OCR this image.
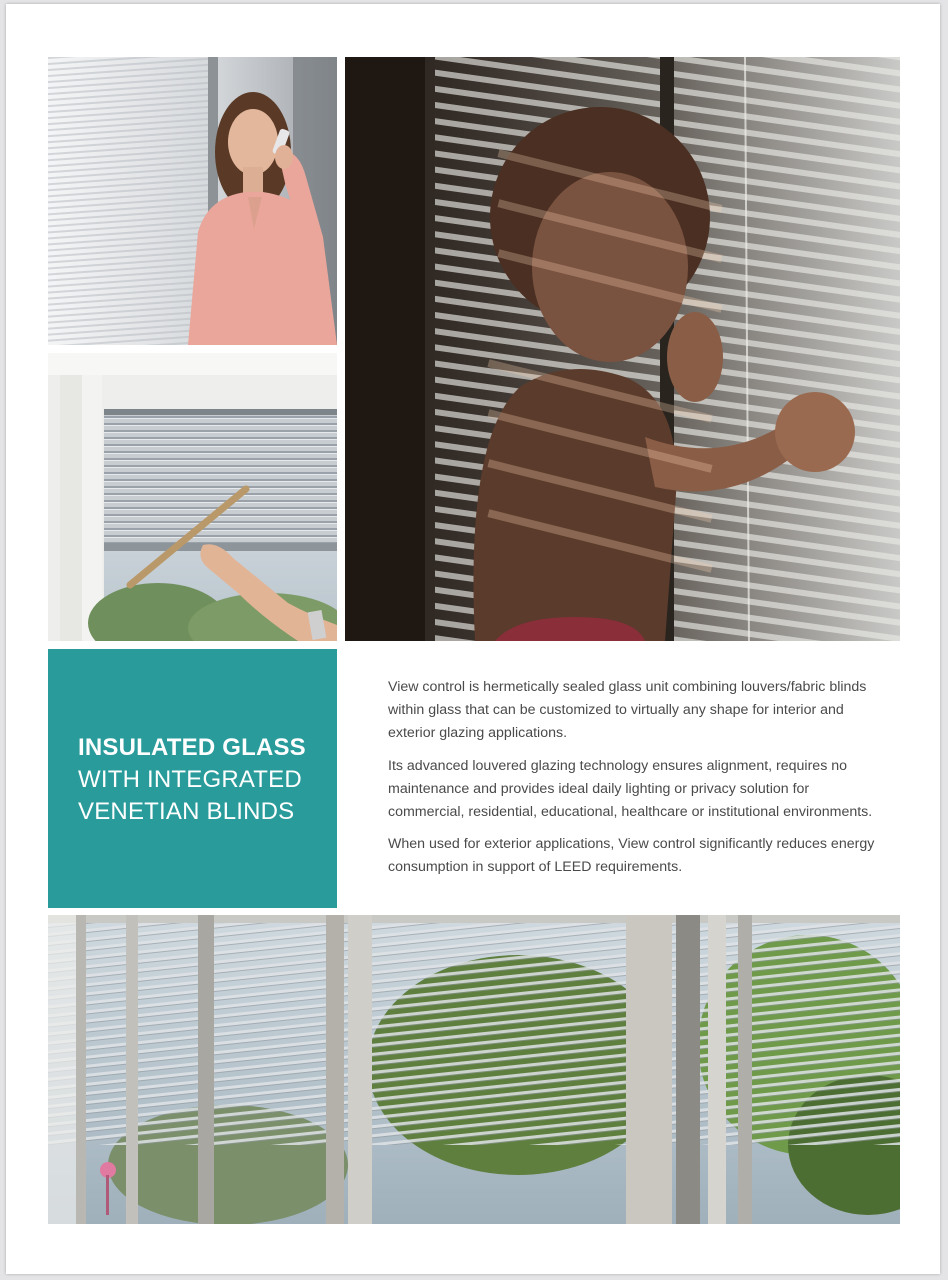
INSULATED GLASS
WITH INTEGRATED
VENETIAN BLINDS

View control is hermetically sealed glass unit combining louvers/fabric blinds within glass that can be customized to virtually any shape for interior and exterior glazing applications.

Its advanced louvered glazing technology ensures alignment, requires no maintenance and provides ideal daily lighting or privacy solution for commercial, residential, educational, healthcare or institutional environments.

When used for exterior applications, View control significantly reduces energy consumption in support of LEED requirements.
